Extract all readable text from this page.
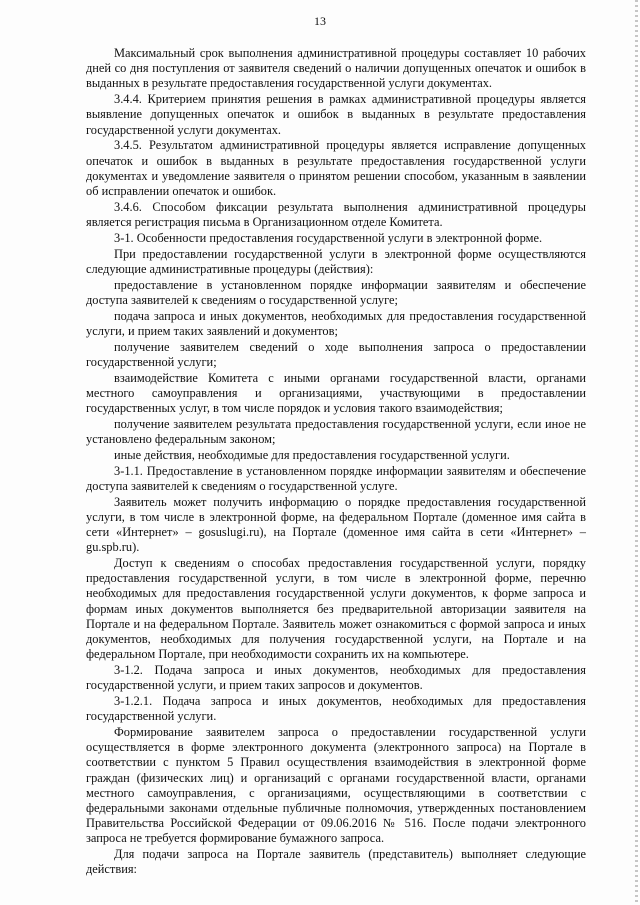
13

Максимальный срок выполнения административной процедуры составляет 10 рабочих дней со дня поступления от заявителя сведений о наличии допущенных опечаток и ошибок в выданных в результате предоставления государственной услуги документах.

3.4.4. Критерием принятия решения в рамках административной процедуры является выявление допущенных опечаток и ошибок в выданных в результате предоставления государственной услуги документах.

3.4.5. Результатом административной процедуры является исправление допущенных опечаток и ошибок в выданных в результате предоставления государственной услуги документах и уведомление заявителя о принятом решении способом, указанным в заявлении об исправлении опечаток и ошибок.

3.4.6. Способом фиксации результата выполнения административной процедуры является регистрация письма в Организационном отделе Комитета.

3-1. Особенности предоставления государственной услуги в электронной форме.

При предоставлении государственной услуги в электронной форме осуществляются следующие административные процедуры (действия):

предоставление в установленном порядке информации заявителям и обеспечение доступа заявителей к сведениям о государственной услуге;

подача запроса и иных документов, необходимых для предоставления государственной услуги, и прием таких заявлений и документов;

получение заявителем сведений о ходе выполнения запроса о предоставлении государственной услуги;

взаимодействие Комитета с иными органами государственной власти, органами местного самоуправления и организациями, участвующими в предоставлении государственных услуг, в том числе порядок и условия такого взаимодействия;

получение заявителем результата предоставления государственной услуги, если иное не установлено федеральным законом;

иные действия, необходимые для предоставления государственной услуги.

3-1.1. Предоставление в установленном порядке информации заявителям и обеспечение доступа заявителей к сведениям о государственной услуге.

Заявитель может получить информацию о порядке предоставления государственной услуги, в том числе в электронной форме, на федеральном Портале (доменное имя сайта в сети «Интернет» – gosuslugi.ru), на Портале (доменное имя сайта в сети «Интернет» – gu.spb.ru).

Доступ к сведениям о способах предоставления государственной услуги, порядку предоставления государственной услуги, в том числе в электронной форме, перечню необходимых для предоставления государственной услуги документов, к форме запроса и формам иных документов выполняется без предварительной авторизации заявителя на Портале и на федеральном Портале. Заявитель может ознакомиться с формой запроса и иных документов, необходимых для получения государственной услуги, на Портале и на федеральном Портале, при необходимости сохранить их на компьютере.

3-1.2. Подача запроса и иных документов, необходимых для предоставления государственной услуги, и прием таких запросов и документов.

3-1.2.1. Подача запроса и иных документов, необходимых для предоставления государственной услуги.

Формирование заявителем запроса о предоставлении государственной услуги осуществляется в форме электронного документа (электронного запроса) на Портале в соответствии с пунктом 5 Правил осуществления взаимодействия в электронной форме граждан (физических лиц) и организаций с органами государственной власти, органами местного самоуправления, с организациями, осуществляющими в соответствии с федеральными законами отдельные публичные полномочия, утвержденных постановлением Правительства Российской Федерации от 09.06.2016 № 516. После подачи электронного запроса не требуется формирование бумажного запроса.

Для подачи запроса на Портале заявитель (представитель) выполняет следующие действия:
